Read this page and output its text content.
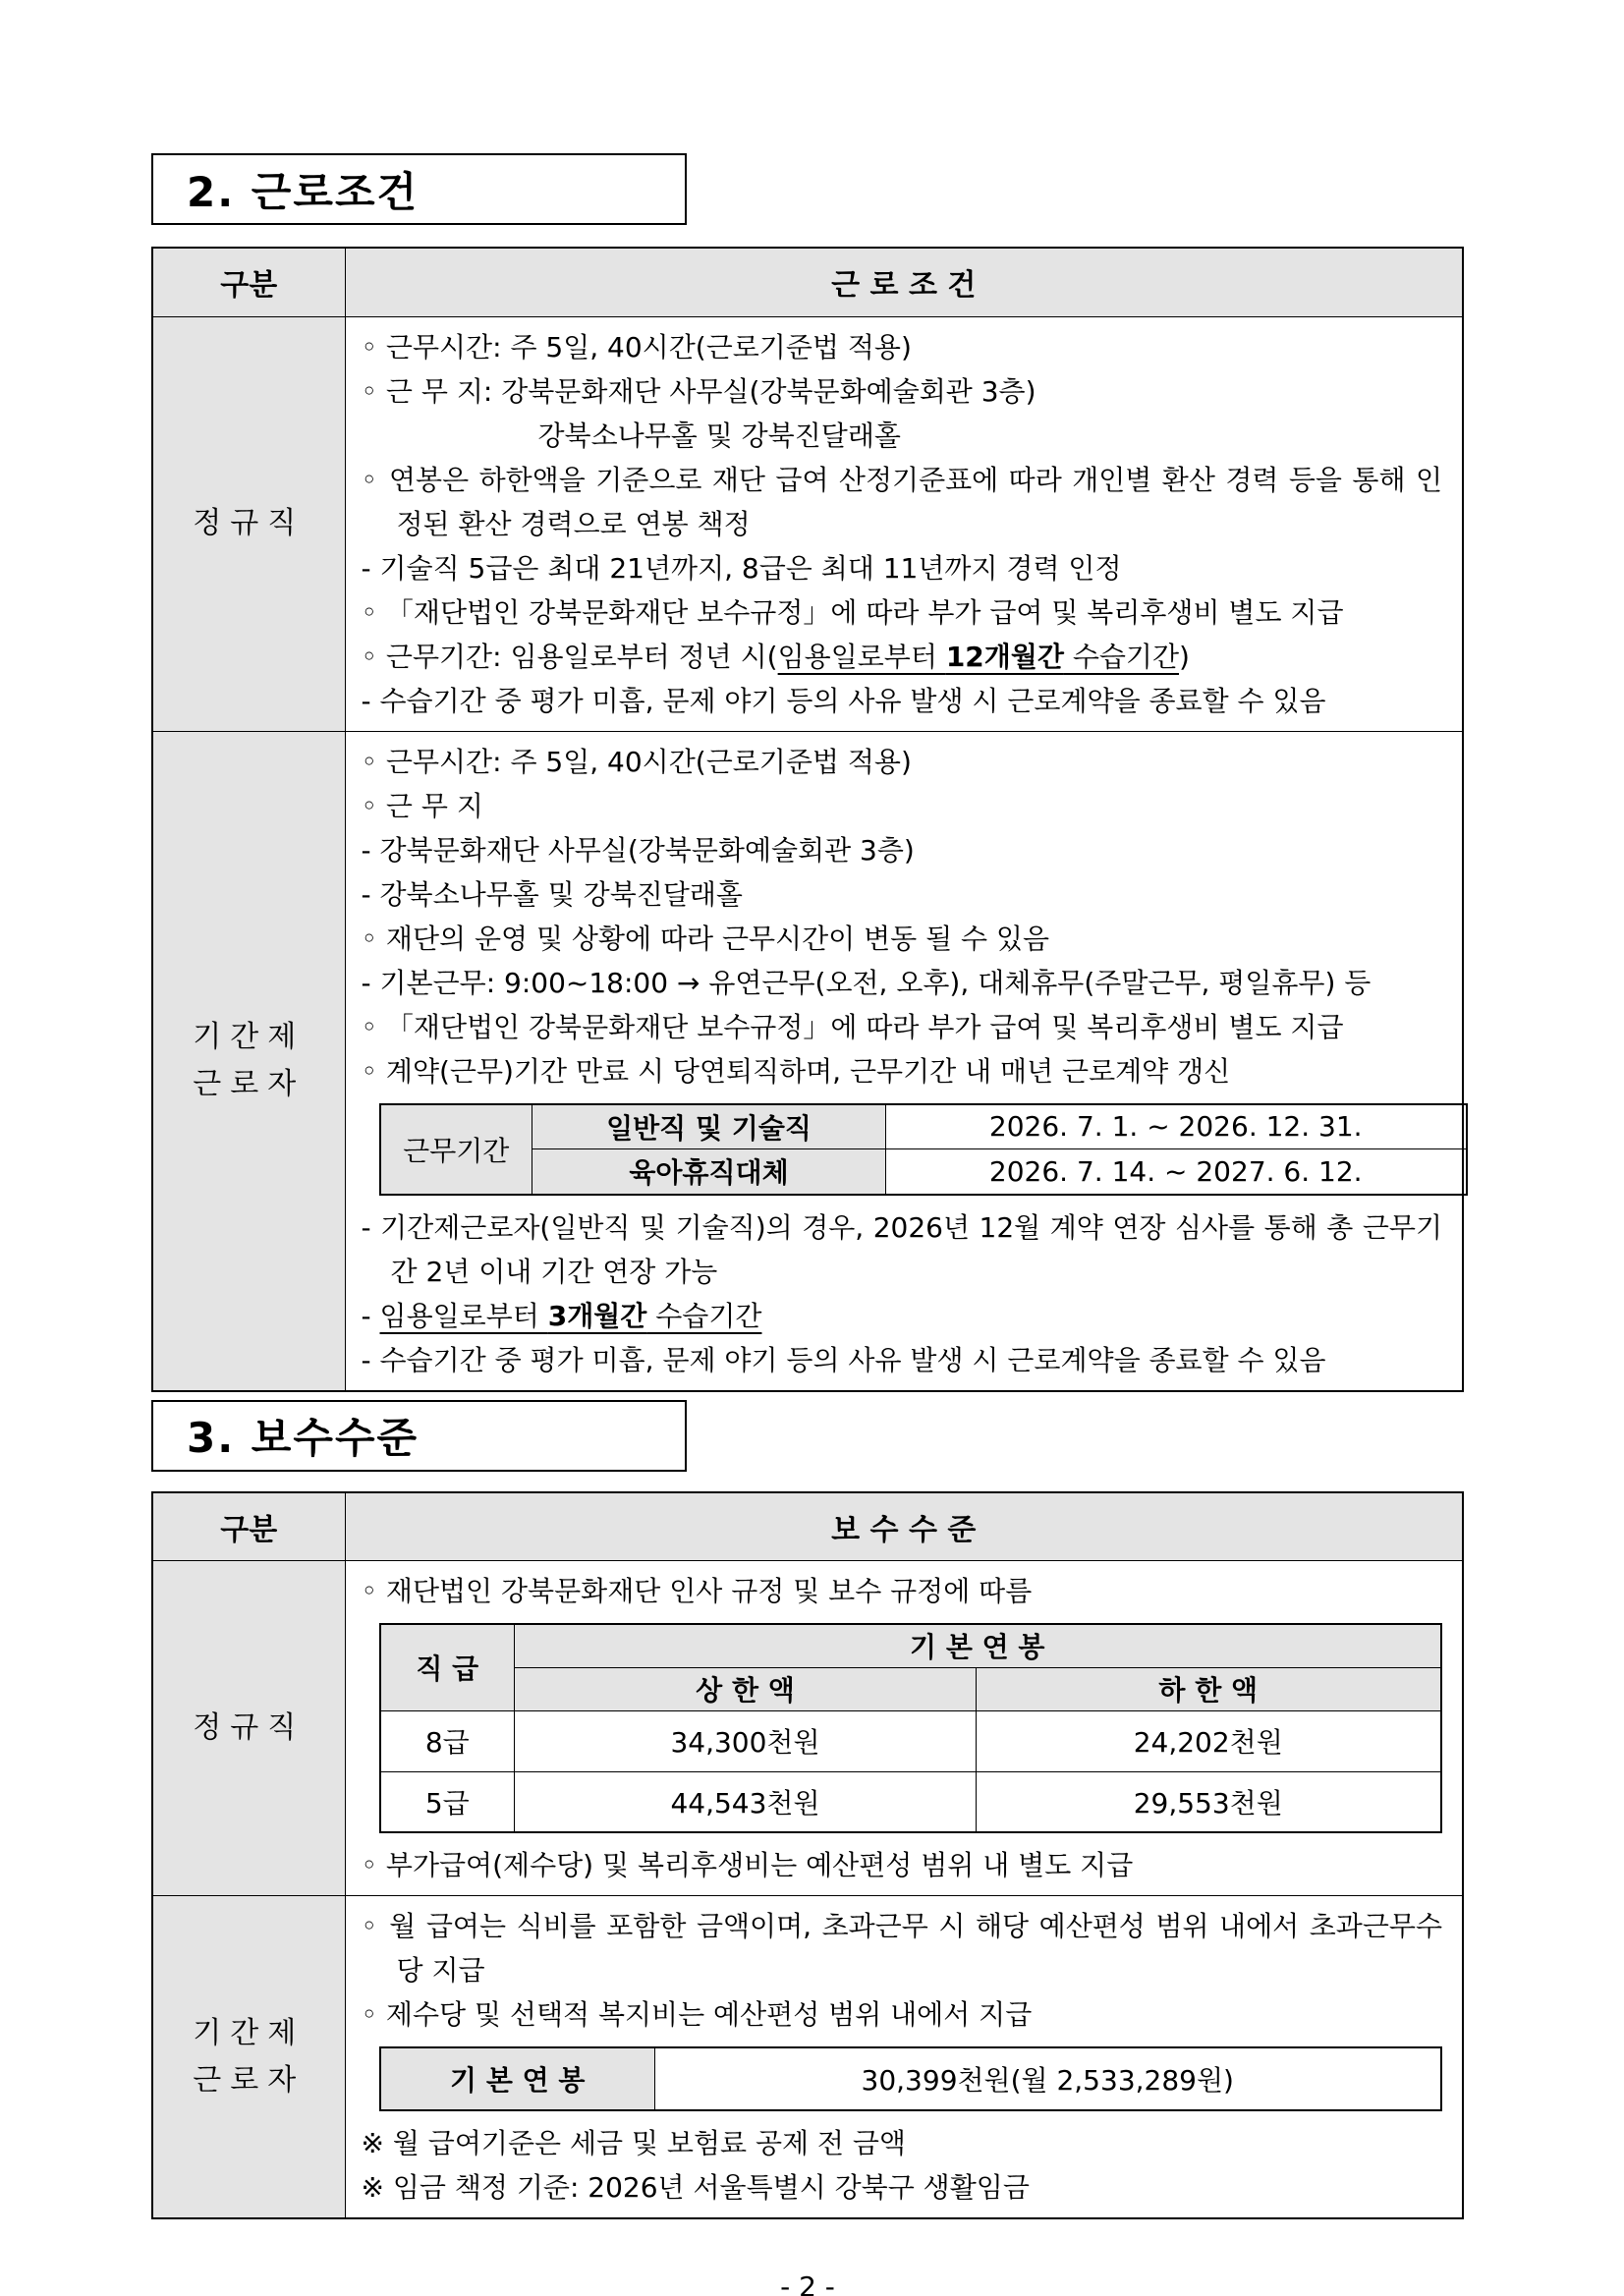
2. 근로조건
구분	근 로 조 건
정규직	
◦ 근무시간: 주 5일, 40시간(근로기준법 적용)
◦ 근 무 지: 강북문화재단 사무실(강북문화예술회관 3층)
강북소나무홀 및 강북진달래홀
◦ 연봉은 하한액을 기준으로 재단 급여 산정기준표에 따라 개인별 환산 경력 등을 통해 인정된 환산 경력으로 연봉 책정
- 기술직 5급은 최대 21년까지, 8급은 최대 11년까지 경력 인정
◦ 「재단법인 강북문화재단 보수규정」에 따라 부가 급여 및 복리후생비 별도 지급
◦ 근무기간: 임용일로부터 정년 시(임용일로부터 12개월간 수습기간)
- 수습기간 중 평가 미흡, 문제 야기 등의 사유 발생 시 근로계약을 종료할 수 있음

기간제
근로자

◦ 근무시간: 주 5일, 40시간(근로기준법 적용)
◦ 근 무 지
- 강북문화재단 사무실(강북문화예술회관 3층)
- 강북소나무홀 및 강북진달래홀
◦ 재단의 운영 및 상황에 따라 근무시간이 변동 될 수 있음
- 기본근무: 9:00~18:00 → 유연근무(오전, 오후), 대체휴무(주말근무, 평일휴무) 등
◦ 「재단법인 강북문화재단 보수규정」에 따라 부가 급여 및 복리후생비 별도 지급
◦ 계약(근무)기간 만료 시 당연퇴직하며, 근무기간 내 매년 근로계약 갱신
근무기간	일반직 및 기술직	2026. 7. 1. ~ 2026. 12. 31.
육아휴직대체	2026. 7. 14. ~ 2027. 6. 12.
- 기간제근로자(일반직 및 기술직)의 경우, 2026년 12월 계약 연장 심사를 통해 총 근무기간 2년 이내 기간 연장 가능
- 임용일로부터 3개월간 수습기간
- 수습기간 중 평가 미흡, 문제 야기 등의 사유 발생 시 근로계약을 종료할 수 있음
3. 보수수준
구분	보 수 수 준
정규직	
◦ 재단법인 강북문화재단 인사 규정 및 보수 규정에 따름
직 급	기 본 연 봉
상 한 액	하 한 액
8급	34,300천원	24,202천원
5급	44,543천원	29,553천원
◦ 부가급여(제수당) 및 복리후생비는 예산편성 범위 내 별도 지급

기간제
근로자

◦ 월 급여는 식비를 포함한 금액이며, 초과근무 시 해당 예산편성 범위 내에서 초과근무수당 지급
◦ 제수당 및 선택적 복지비는 예산편성 범위 내에서 지급
기 본 연 봉	30,399천원(월 2,533,289원)
※ 월 급여기준은 세금 및 보험료 공제 전 금액
※ 임금 책정 기준: 2026년 서울특별시 강북구 생활임금
- 2 -
